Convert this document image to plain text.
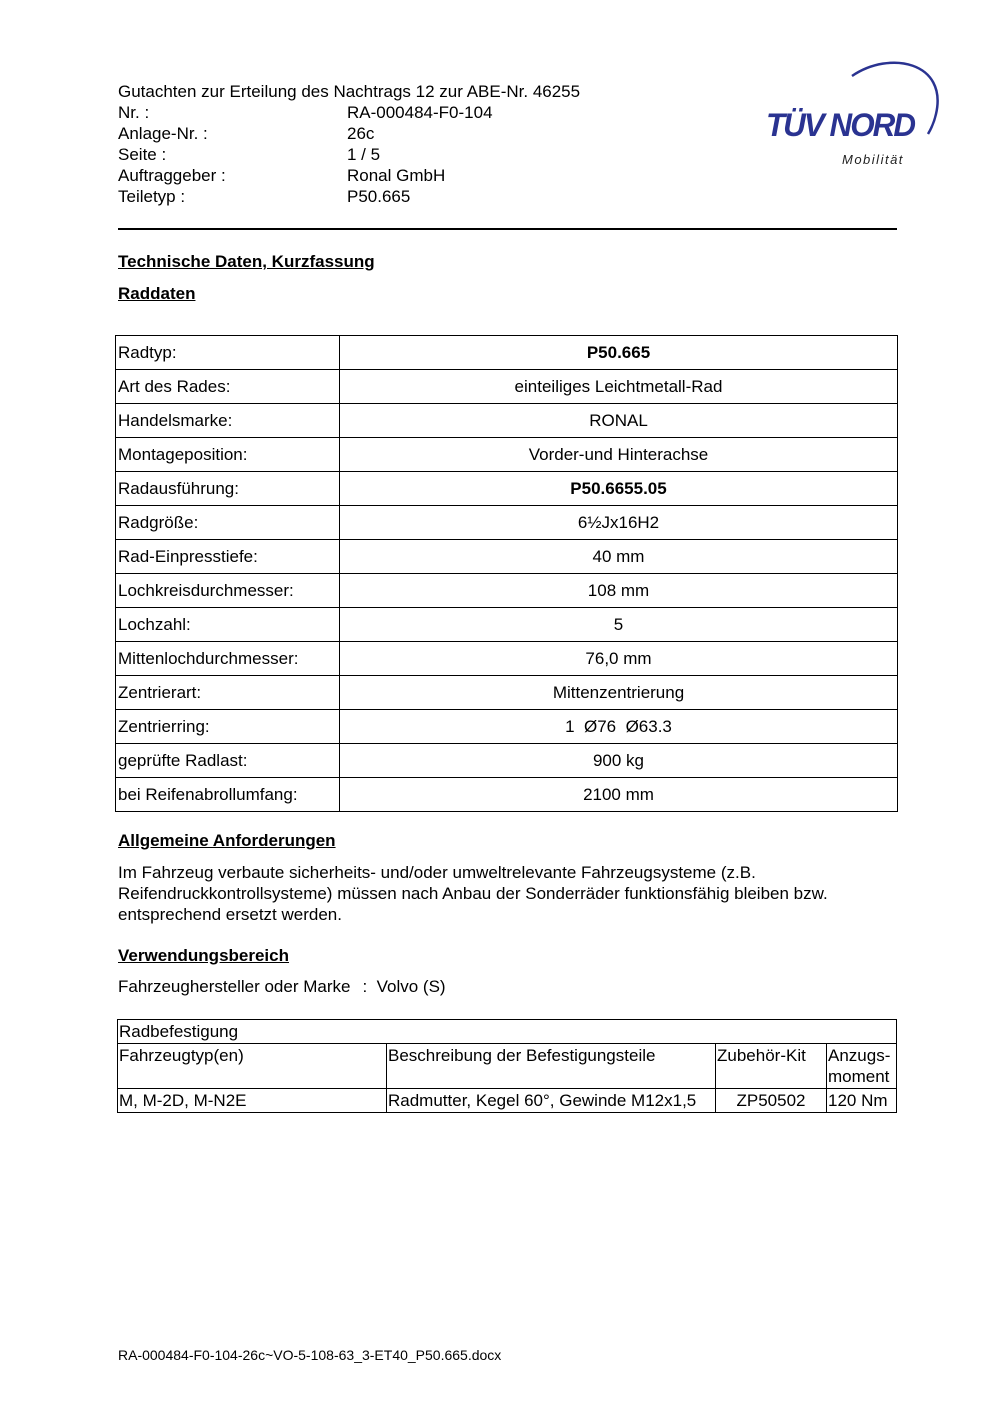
Gutachten zur Erteilung des Nachtrags 12 zur ABE-Nr. 46255
Nr. :	RA-000484-F0-104
Anlage-Nr. :	26c
Seite :	1 / 5
Auftraggeber :	Ronal GmbH
Teiletyp :	P50.665
TÜV NORD
Mobilität
Technische Daten, Kurzfassung
Raddaten
Radtyp:	P50.665
Art des Rades:	einteiliges Leichtmetall-Rad
Handelsmarke:	RONAL
Montageposition:	Vorder-und Hinterachse
Radausführung:	P50.6655.05
Radgröße:	6½Jx16H2
Rad-Einpresstiefe:	40 mm
Lochkreisdurchmesser:	108 mm
Lochzahl:	5
Mittenlochdurchmesser:	76,0 mm
Zentrierart:	Mittenzentrierung
Zentrierring:	1  Ø76  Ø63.3
geprüfte Radlast:	900 kg
bei Reifenabrollumfang:	2100 mm
Allgemeine Anforderungen
Im Fahrzeug verbaute sicherheits- und/oder umweltrelevante Fahrzeugsysteme (z.B. Reifendruckkontrollsysteme) müssen nach Anbau der Sonderräder funktionsfähig bleiben bzw. entsprechend ersetzt werden.
Verwendungsbereich
Fahrzeughersteller oder Marke :  Volvo (S)
Radbefestigung			
Fahrzeugtyp(en)	Beschreibung der Befestigungsteile	Zubehör-Kit	Anzugs-moment
M, M-2D, M-N2E	Radmutter, Kegel 60°, Gewinde M12x1,5	ZP50502	120 Nm
RA-000484-F0-104-26c~VO-5-108-63_3-ET40_P50.665.docx
